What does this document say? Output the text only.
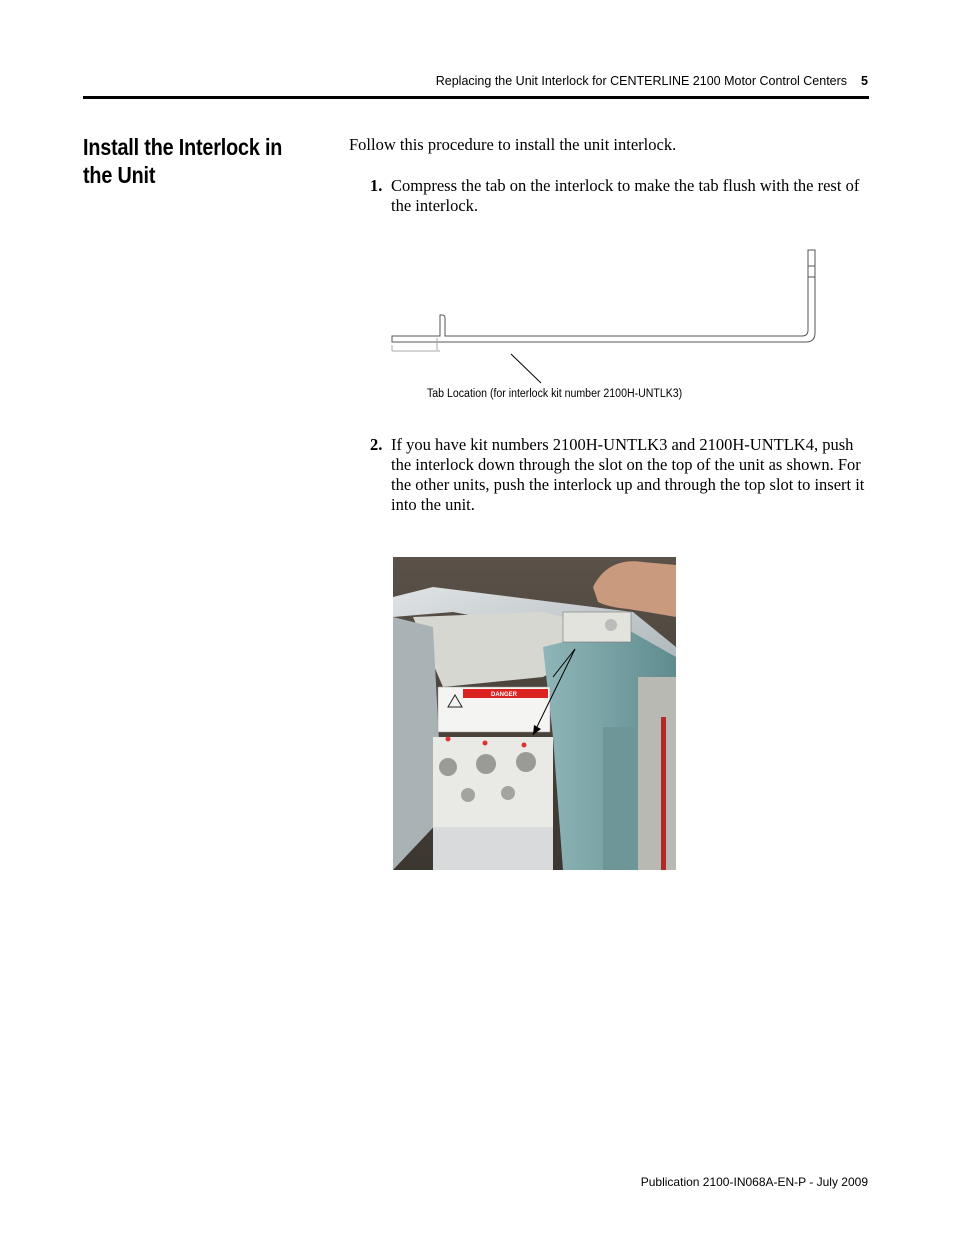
Replacing the Unit Interlock for CENTERLINE 2100 Motor Control Centers 5
Install the Interlock in the Unit
Follow this procedure to install the unit interlock.
1. Compress the tab on the interlock to make the tab flush with the rest of the interlock.
Tab Location (for interlock kit number 2100H-UNTLK3)
2. If you have kit numbers 2100H-UNTLK3 and 2100H-UNTLK4, push the interlock down through the slot on the top of the unit as shown. For the other units, push the interlock up and through the top slot to insert it into the unit.
DANGER
Publication 2100-IN068A-EN-P - July 2009
